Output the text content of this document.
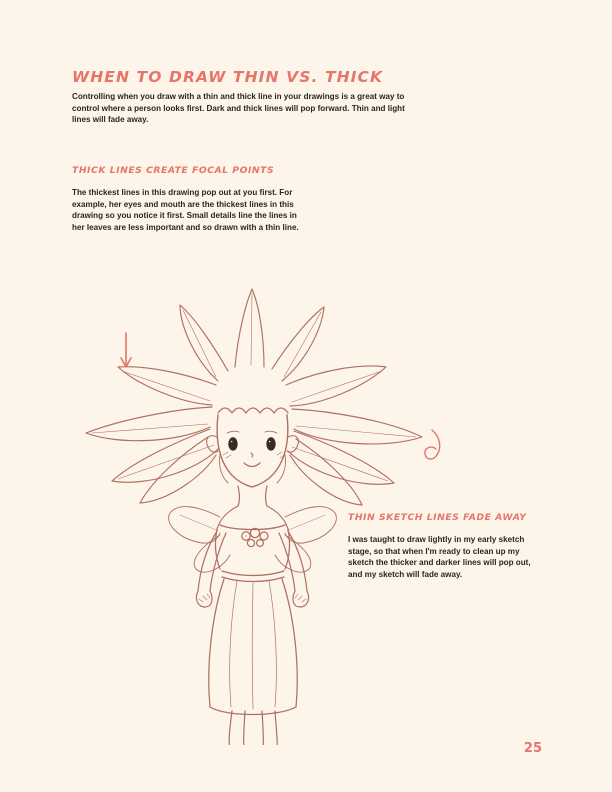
WHEN TO DRAW THIN VS. THICK

Controlling when you draw with a thin and thick line in your drawings is a great way to control where a person looks first. Dark and thick lines will pop forward. Thin and light lines will fade away.

THICK LINES CREATE FOCAL POINTS
The thickest lines in this drawing pop out at you first. For example, her eyes and mouth are the thickest lines in this drawing so you notice it first. Small details line the lines in her leaves are less important and so drawn with a thin line.
THIN SKETCH LINES FADE AWAY
I was taught to draw lightly in my early sketch stage, so that when I'm ready to clean up my sketch the thicker and darker lines will pop out, and my sketch will fade away.
25
